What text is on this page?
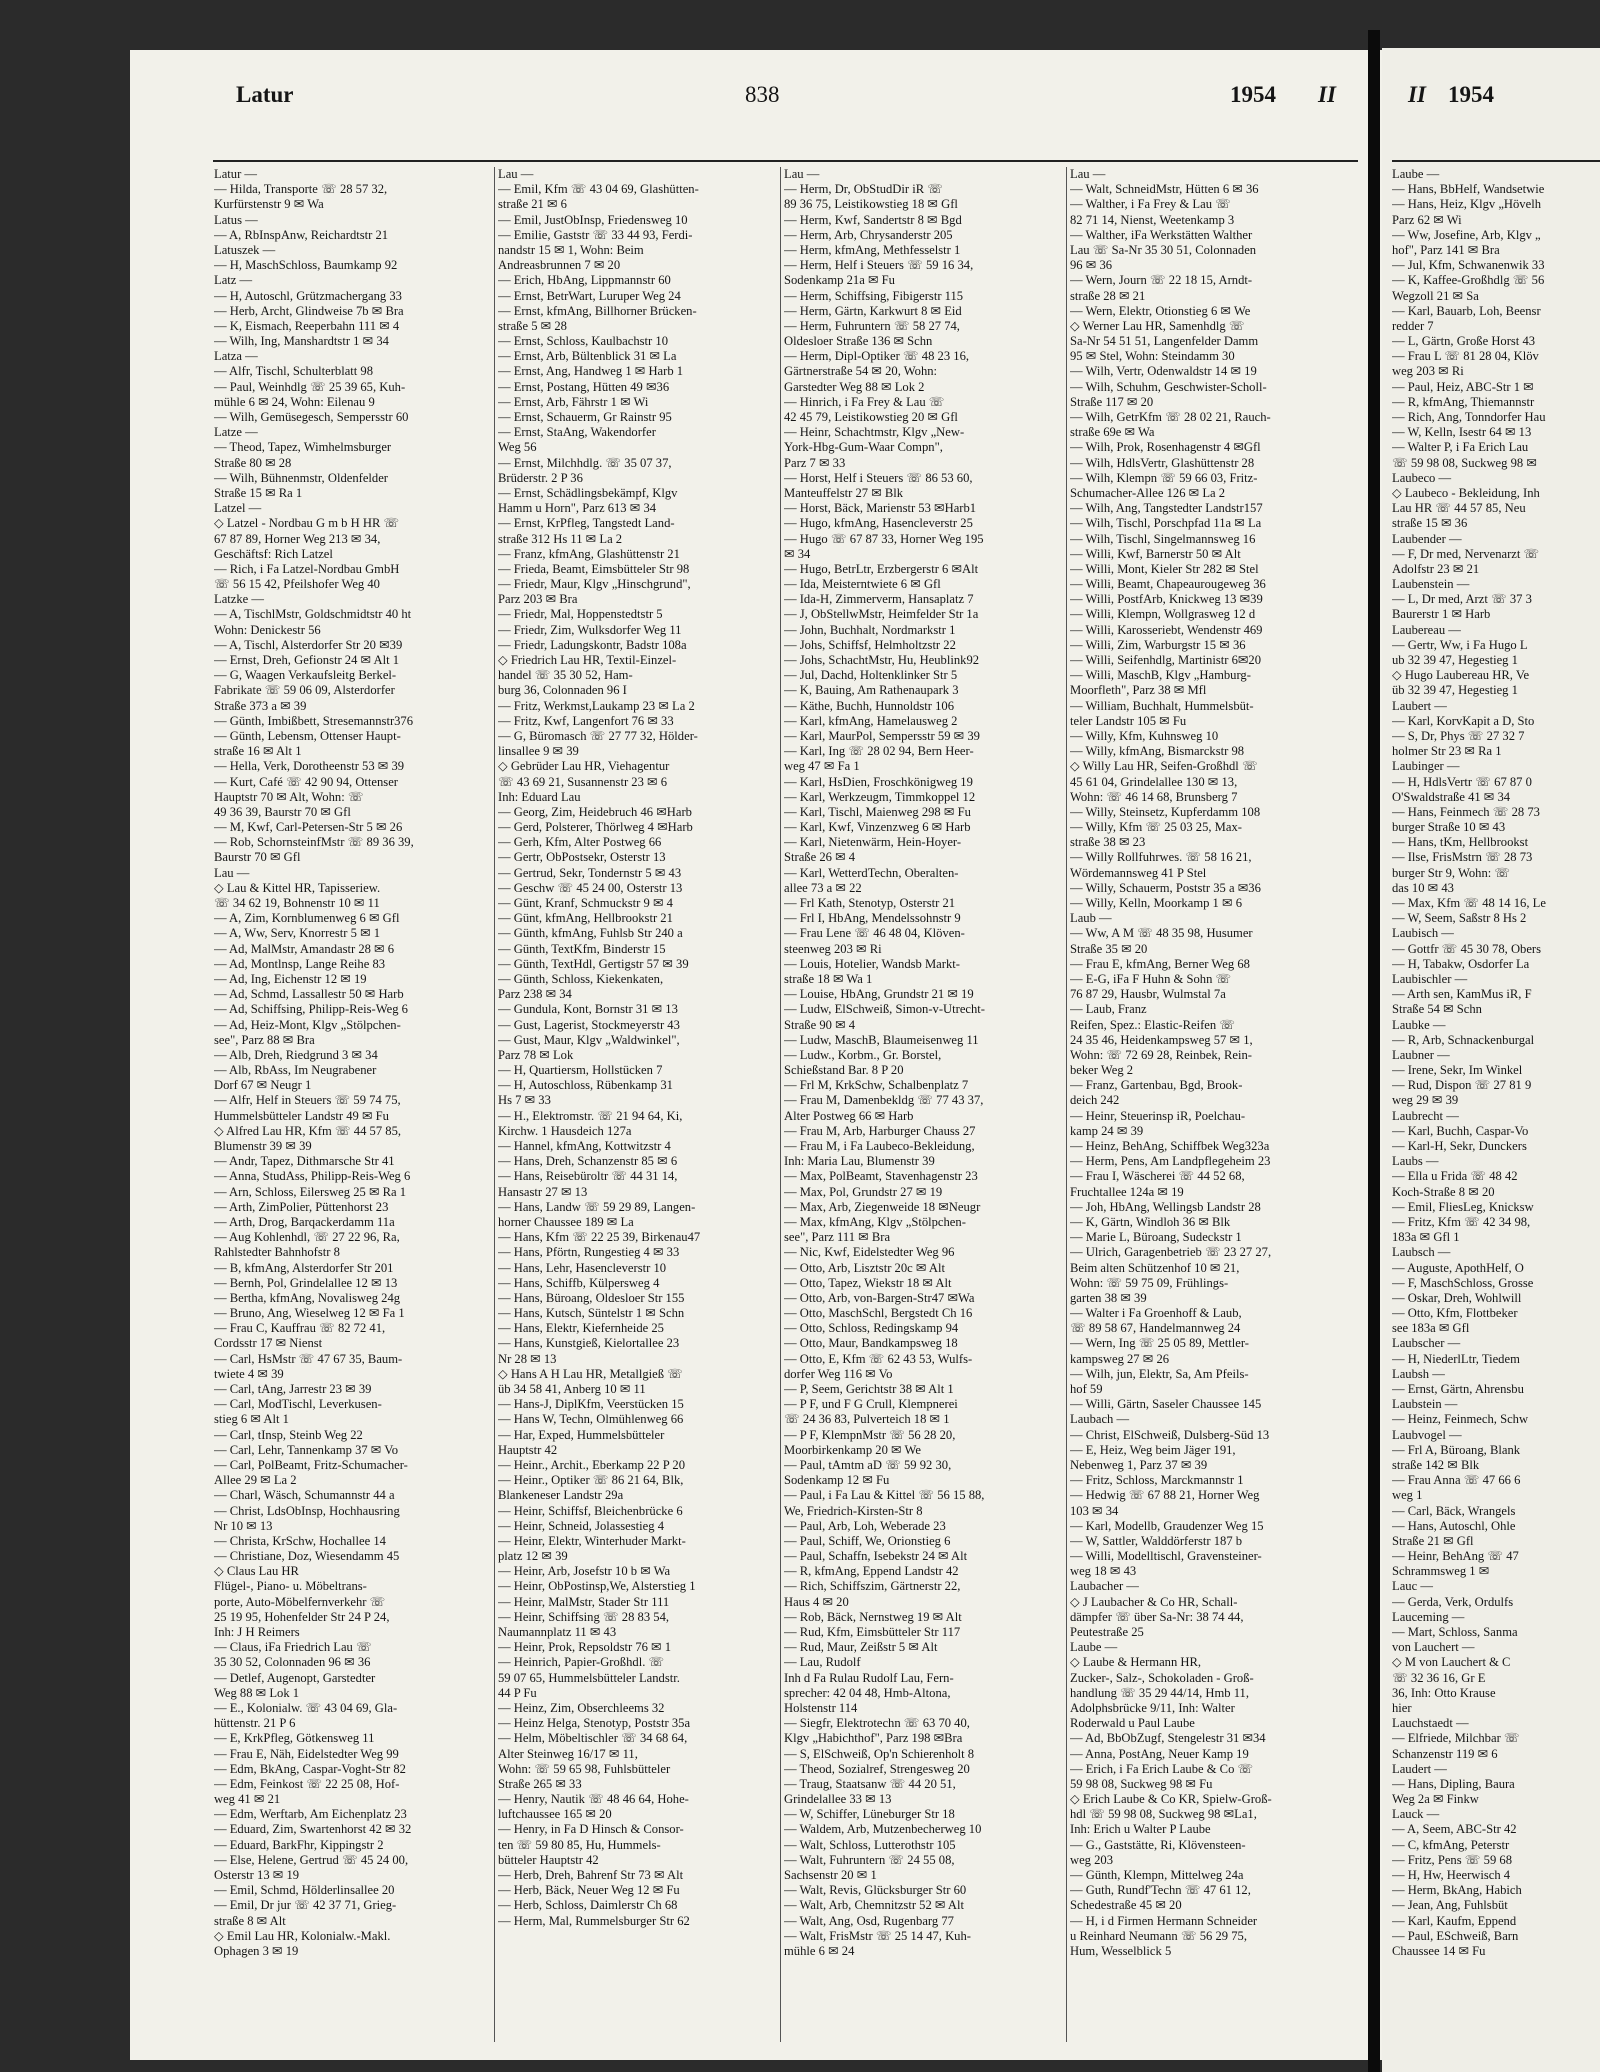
Latur	838	1954 II	II 1954
Latur —
— Hilda, Transporte ☏ 28 57 32,
Kurfürstenstr 9 ✉ Wa
Latus —
— A, RbInspAnw, Reichardtstr 21
Latuszek —
— H, MaschSchloss, Baumkamp 92
Latz —
— H, Autoschl, Grützmachergang 33
— Herb, Archt, Glindweise 7b ✉ Bra
— K, Eismach, Reeperbahn 111 ✉ 4
— Wilh, Ing, Manshardtstr 1 ✉ 34
Latza —
— Alfr, Tischl, Schulterblatt 98
— Paul, Weinhdlg ☏ 25 39 65, Kuh-
mühle 6 ✉ 24, Wohn: Eilenau 9
— Wilh, Gemüsegesch, Sempersstr 60
Latze —
— Theod, Tapez, Wimhelmsburger
Straße 80 ✉ 28
— Wilh, Bühnenmstr, Oldenfelder
Straße 15 ✉ Ra 1
Latzel —
◇ Latzel - Nordbau G m b H HR ☏
67 87 89, Horner Weg 213 ✉ 34,
Geschäftsf: Rich Latzel
— Rich, i Fa Latzel-Nordbau GmbH
☏ 56 15 42, Pfeilshofer Weg 40
Latzke —
— A, TischlMstr, Goldschmidtstr 40 ht
Wohn: Denickestr 56
— A, Tischl, Alsterdorfer Str 20 ✉39
— Ernst, Dreh, Gefionstr 24 ✉ Alt 1
— G, Waagen Verkaufsleitg Berkel-
Fabrikate ☏ 59 06 09, Alsterdorfer
Straße 373 a ✉ 39
— Günth, Imbißbett, Stresemannstr376
— Günth, Lebensm, Ottenser Haupt-
straße 16 ✉ Alt 1
— Hella, Verk, Dorotheenstr 53 ✉ 39
— Kurt, Café ☏ 42 90 94, Ottenser
Hauptstr 70 ✉ Alt, Wohn: ☏
49 36 39, Baurstr 70 ✉ Gfl
— M, Kwf, Carl-Petersen-Str 5 ✉ 26
— Rob, SchornsteinfMstr ☏ 89 36 39,
Baurstr 70 ✉ Gfl
Lau —
◇ Lau & Kittel HR, Tapisseriew.
☏ 34 62 19, Bohnenstr 10 ✉ 11
— A, Zim, Kornblumenweg 6 ✉ Gfl
— A, Ww, Serv, Knorrestr 5 ✉ 1
— Ad, MalMstr, Amandastr 28 ✉ 6
— Ad, Montlnsp, Lange Reihe 83
— Ad, Ing, Eichenstr 12 ✉ 19
— Ad, Schmd, Lassallestr 50 ✉ Harb
— Ad, Schiffsing, Philipp-Reis-Weg 6
— Ad, Heiz-Mont, Klgv „Stölpchen-
see", Parz 88 ✉ Bra
— Alb, Dreh, Riedgrund 3 ✉ 34
— Alb, RbAss, Im Neugrabener
Dorf 67 ✉ Neugr 1
— Alfr, Helf in Steuers ☏ 59 74 75,
Hummelsbütteler Landstr 49 ✉ Fu
◇ Alfred Lau HR, Kfm ☏ 44 57 85,
Blumenstr 39 ✉ 39
— Andr, Tapez, Dithmarsche Str 41
— Anna, StudAss, Philipp-Reis-Weg 6
— Arn, Schloss, Eilersweg 25 ✉ Ra 1
— Arth, ZimPolier, Püttenhorst 23
— Arth, Drog, Barqackerdamm 11a
— Aug Kohlenhdl, ☏ 27 22 96, Ra,
Rahlstedter Bahnhofstr 8
— B, kfmAng, Alsterdorfer Str 201
— Bernh, Pol, Grindelallee 12 ✉ 13
— Bertha, kfmAng, Novalisweg 24g
— Bruno, Ang, Wieselweg 12 ✉ Fa 1
— Frau C, Kauffrau ☏ 82 72 41,
Cordsstr 17 ✉ Nienst
— Carl, HsMstr ☏ 47 67 35, Baum-
twiete 4 ✉ 39
— Carl, tAng, Jarrestr 23 ✉ 39
— Carl, ModTischl, Leverkusen-
stieg 6 ✉ Alt 1
— Carl, tInsp, Steinb Weg 22
— Carl, Lehr, Tannenkamp 37 ✉ Vo
— Carl, PolBeamt, Fritz-Schumacher-
Allee 29 ✉ La 2
— Charl, Wäsch, Schumannstr 44 a
— Christ, LdsObInsp, Hochhausring
Nr 10 ✉ 13
— Christa, KrSchw, Hochallee 14
— Christiane, Doz, Wiesendamm 45
◇ Claus Lau HR
Flügel-, Piano- u. Möbeltrans-
porte, Auto-Möbelfernverkehr ☏
25 19 95, Hohenfelder Str 24 P 24,
Inh: J H Reimers
— Claus, iFa Friedrich Lau ☏
35 30 52, Colonnaden 96 ✉ 36
— Detlef, Augenopt, Garstedter
Weg 88 ✉ Lok 1
— E., Kolonialw. ☏ 43 04 69, Gla-
hüttenstr. 21 P 6
— E, KrkPfleg, Götkensweg 11
— Frau E, Näh, Eidelstedter Weg 99
— Edm, BkAng, Caspar-Voght-Str 82
— Edm, Feinkost ☏ 22 25 08, Hof-
weg 41 ✉ 21
— Edm, Werftarb, Am Eichenplatz 23
— Eduard, Zim, Swartenhorst 42 ✉ 32
— Eduard, BarkFhr, Kippingstr 2
— Else, Helene, Gertrud ☏ 45 24 00,
Osterstr 13 ✉ 19
— Emil, Schmd, Hölderlinsallee 20
— Emil, Dr jur ☏ 42 37 71, Grieg-
straße 8 ✉ Alt
◇ Emil Lau HR, Kolonialw.-Makl.
Ophagen 3 ✉ 19
Lau —
— Emil, Kfm ☏ 43 04 69, Glashütten-
straße 21 ✉ 6
— Emil, JustObInsp, Friedensweg 10
— Emilie, Gaststr ☏ 33 44 93, Ferdi-
nandstr 15 ✉ 1, Wohn: Beim
Andreasbrunnen 7 ✉ 20
— Erich, HbAng, Lippmannstr 60
— Ernst, BetrWart, Luruper Weg 24
— Ernst, kfmAng, Billhorner Brücken-
straße 5 ✉ 28
— Ernst, Schloss, Kaulbachstr 10
— Ernst, Arb, Bültenblick 31 ✉ La
— Ernst, Ang, Handweg 1 ✉ Harb 1
— Ernst, Postang, Hütten 49 ✉36
— Ernst, Arb, Fährstr 1 ✉ Wi
— Ernst, Schauerm, Gr Rainstr 95
— Ernst, StaAng, Wakendorfer
Weg 56
— Ernst, Milchhdlg. ☏ 35 07 37,
Brüderstr. 2 P 36
— Ernst, Schädlingsbekämpf, Klgv
Hamm u Horn", Parz 613 ✉ 34
— Ernst, KrPfleg, Tangstedt Land-
straße 312 Hs 11 ✉ La 2
— Franz, kfmAng, Glashüttenstr 21
— Frieda, Beamt, Eimsbütteler Str 98
— Friedr, Maur, Klgv „Hinschgrund",
Parz 203 ✉ Bra
— Friedr, Mal, Hoppenstedtstr 5
— Friedr, Zim, Wulksdorfer Weg 11
— Friedr, Ladungskontr, Badstr 108a
◇ Friedrich Lau HR, Textil-Einzel-
handel ☏ 35 30 52, Ham-
burg 36, Colonnaden 96 I
— Fritz, Werkmst,Laukamp 23 ✉ La 2
— Fritz, Kwf, Langenfort 76 ✉ 33
— G, Büromasch ☏ 27 77 32, Hölder-
linsallee 9 ✉ 39
◇ Gebrüder Lau HR, Viehagentur
☏ 43 69 21, Susannenstr 23 ✉ 6
Inh: Eduard Lau
— Georg, Zim, Heidebruch 46 ✉Harb
— Gerd, Polsterer, Thörlweg 4 ✉Harb
— Gerh, Kfm, Alter Postweg 66
— Gertr, ObPostsekr, Osterstr 13
— Gertrud, Sekr, Tondernstr 5 ✉ 43
— Geschw ☏ 45 24 00, Osterstr 13
— Günt, Kranf, Schmuckstr 9 ✉ 4
— Günt, kfmAng, Hellbrookstr 21
— Günth, kfmAng, Fuhlsb Str 240 a
— Günth, TextKfm, Binderstr 15
— Günth, TextHdl, Gertigstr 57 ✉ 39
— Günth, Schloss, Kiekenkaten,
Parz 238 ✉ 34
— Gundula, Kont, Bornstr 31 ✉ 13
— Gust, Lagerist, Stockmeyerstr 43
— Gust, Maur, Klgv „Waldwinkel",
Parz 78 ✉ Lok
— H, Quartiersm, Hollstücken 7
— H, Autoschloss, Rübenkamp 31
Hs 7 ✉ 33
— H., Elektromstr. ☏ 21 94 64, Ki,
Kirchw. 1 Hausdeich 127a
— Hannel, kfmAng, Kottwitzstr 4
— Hans, Dreh, Schanzenstr 85 ✉ 6
— Hans, Reisebüroltr ☏ 44 31 14,
Hansastr 27 ✉ 13
— Hans, Landw ☏ 59 29 89, Langen-
horner Chaussee 189 ✉ La
— Hans, Kfm ☏ 22 25 39, Birkenau47
— Hans, Pförtn, Rungestieg 4 ✉ 33
— Hans, Lehr, Hasencleverstr 10
— Hans, Schiffb, Külpersweg 4
— Hans, Büroang, Oldesloer Str 155
— Hans, Kutsch, Süntelstr 1 ✉ Schn
— Hans, Elektr, Kiefernheide 25
— Hans, Kunstgieß, Kielortallee 23
Nr 28 ✉ 13
◇ Hans A H Lau HR, Metallgieß ☏
üb 34 58 41, Anberg 10 ✉ 11
— Hans-J, DiplKfm, Veerstücken 15
— Hans W, Techn, Olmühlenweg 66
— Har, Exped, Hummelsbütteler
Hauptstr 42
— Heinr., Archit., Eberkamp 22 P 20
— Heinr., Optiker ☏ 86 21 64, Blk,
Blankeneser Landstr 29a
— Heinr, Schiffsf, Bleichenbrücke 6
— Heinr, Schneid, Jolassestieg 4
— Heinr, Elektr, Winterhuder Markt-
platz 12 ✉ 39
— Heinr, Arb, Josefstr 10 b ✉ Wa
— Heinr, ObPostinsp,We, Alsterstieg 1
— Heinr, MalMstr, Stader Str 111
— Heinr, Schiffsing ☏ 28 83 54,
Naumannplatz 11 ✉ 43
— Heinr, Prok, Repsoldstr 76 ✉ 1
— Heinrich, Papier-Großhdl. ☏
59 07 65, Hummelsbütteler Landstr.
44 P Fu
— Heinz, Zim, Obserchleems 32
— Heinz Helga, Stenotyp, Poststr 35a
— Helm, Möbeltischler ☏ 34 68 64,
Alter Steinweg 16/17 ✉ 11,
Wohn: ☏ 59 65 98, Fuhlsbütteler
Straße 265 ✉ 33
— Henry, Nautik ☏ 48 46 64, Hohe-
luftchaussee 165 ✉ 20
— Henry, in Fa D Hinsch & Consor-
ten ☏ 59 80 85, Hu, Hummels-
bütteler Hauptstr 42
— Herb, Dreh, Bahrenf Str 73 ✉ Alt
— Herb, Bäck, Neuer Weg 12 ✉ Fu
— Herb, Schloss, Daimlerstr Ch 68
— Herm, Mal, Rummelsburger Str 62
Lau —
— Herm, Dr, ObStudDir iR ☏
89 36 75, Leistikowstieg 18 ✉ Gfl
— Herm, Kwf, Sandertstr 8 ✉ Bgd
— Herm, Arb, Chrysanderstr 205
— Herm, kfmAng, Methfesselstr 1
— Herm, Helf i Steuers ☏ 59 16 34,
Sodenkamp 21a ✉ Fu
— Herm, Schiffsing, Fibigerstr 115
— Herm, Gärtn, Karkwurt 8 ✉ Eid
— Herm, Fuhruntern ☏ 58 27 74,
Oldesloer Straße 136 ✉ Schn
— Herm, Dipl-Optiker ☏ 48 23 16,
Gärtnerstraße 54 ✉ 20, Wohn:
Garstedter Weg 88 ✉ Lok 2
— Hinrich, i Fa Frey & Lau ☏
42 45 79, Leistikowstieg 20 ✉ Gfl
— Heinr, Schachtmstr, Klgv „New-
York-Hbg-Gum-Waar Compn",
Parz 7 ✉ 33
— Horst, Helf i Steuers ☏ 86 53 60,
Manteuffelstr 27 ✉ Blk
— Horst, Bäck, Marienstr 53 ✉Harb1
— Hugo, kfmAng, Hasencleverstr 25
— Hugo ☏ 67 87 33, Horner Weg 195
✉ 34
— Hugo, BetrLtr, Erzbergerstr 6 ✉Alt
— Ida, Meisterntwiete 6 ✉ Gfl
— Ida-H, Zimmerverm, Hansaplatz 7
— J, ObStellwMstr, Heimfelder Str 1a
— John, Buchhalt, Nordmarkstr 1
— Johs, Schiffsf, Helmholtzstr 22
— Johs, SchachtMstr, Hu, Heublink92
— Jul, Dachd, Holtenklinker Str 5
— K, Bauing, Am Rathenaupark 3
— Käthe, Buchh, Hunnoldstr 106
— Karl, kfmAng, Hamelausweg 2
— Karl, MaurPol, Sempersstr 59 ✉ 39
— Karl, Ing ☏ 28 02 94, Bern Heer-
weg 47 ✉ Fa 1
— Karl, HsDien, Froschkönigweg 19
— Karl, Werkzeugm, Timmkoppel 12
— Karl, Tischl, Maienweg 298 ✉ Fu
— Karl, Kwf, Vinzenzweg 6 ✉ Harb
— Karl, Nietenwärm, Hein-Hoyer-
Straße 26 ✉ 4
— Karl, WetterdTechn, Oberalten-
allee 73 a ✉ 22
— Frl Kath, Stenotyp, Osterstr 21
— Frl I, HbAng, Mendelssohnstr 9
— Frau Lene ☏ 46 48 04, Klöven-
steenweg 203 ✉ Ri
— Louis, Hotelier, Wandsb Markt-
straße 18 ✉ Wa 1
— Louise, HbAng, Grundstr 21 ✉ 19
— Ludw, ElSchweiß, Simon-v-Utrecht-
Straße 90 ✉ 4
— Ludw, MaschB, Blaumeisenweg 11
— Ludw., Korbm., Gr. Borstel,
Schießstand Bar. 8 P 20
— Frl M, KrkSchw, Schalbenplatz 7
— Frau M, Damenbekldg ☏ 77 43 37,
Alter Postweg 66 ✉ Harb
— Frau M, Arb, Harburger Chauss 27
— Frau M, i Fa Laubeco-Bekleidung,
Inh: Maria Lau, Blumenstr 39
— Max, PolBeamt, Stavenhagenstr 23
— Max, Pol, Grundstr 27 ✉ 19
— Max, Arb, Ziegenweide 18 ✉Neugr
— Max, kfmAng, Klgv „Stölpchen-
see", Parz 111 ✉ Bra
— Nic, Kwf, Eidelstedter Weg 96
— Otto, Arb, Lisztstr 20c ✉ Alt
— Otto, Tapez, Wiekstr 18 ✉ Alt
— Otto, Arb, von-Bargen-Str47 ✉Wa
— Otto, MaschSchl, Bergstedt Ch 16
— Otto, Schloss, Redingskamp 94
— Otto, Maur, Bandkampsweg 18
— Otto, E, Kfm ☏ 62 43 53, Wulfs-
dorfer Weg 116 ✉ Vo
— P, Seem, Gerichtstr 38 ✉ Alt 1
— P F, und F G Crull, Klempnerei
☏ 24 36 83, Pulverteich 18 ✉ 1
— P F, KlempnMstr ☏ 56 28 20,
Moorbirkenkamp 20 ✉ We
— Paul, tAmtm aD ☏ 59 92 30,
Sodenkamp 12 ✉ Fu
— Paul, i Fa Lau & Kittel ☏ 56 15 88,
We, Friedrich-Kirsten-Str 8
— Paul, Arb, Loh, Weberade 23
— Paul, Schiff, We, Orionstieg 6
— Paul, Schaffn, Isebekstr 24 ✉ Alt
— R, kfmAng, Eppend Landstr 42
— Rich, Schiffszim, Gärtnerstr 22,
Haus 4 ✉ 20
— Rob, Bäck, Nernstweg 19 ✉ Alt
— Rud, Kfm, Eimsbütteler Str 117
— Rud, Maur, Zeißstr 5 ✉ Alt
— Lau, Rudolf
Inh d Fa Rulau Rudolf Lau, Fern-
sprecher: 42 04 48, Hmb-Altona,
Holstenstr 114
— Siegfr, Elektrotechn ☏ 63 70 40,
Klgv „Habichthof", Parz 198 ✉Bra
— S, ElSchweiß, Op'n Schierenholt 8
— Theod, Sozialref, Strengesweg 20
— Traug, Staatsanw ☏ 44 20 51,
Grindelallee 33 ✉ 13
— W, Schiffer, Lüneburger Str 18
— Waldem, Arb, Mutzenbecherweg 10
— Walt, Schloss, Lutterothstr 105
— Walt, Fuhruntern ☏ 24 55 08,
Sachsenstr 20 ✉ 1
— Walt, Revis, Glücksburger Str 60
— Walt, Arb, Chemnitzstr 52 ✉ Alt
— Walt, Ang, Osd, Rugenbarg 77
— Walt, FrisMstr ☏ 25 14 47, Kuh-
mühle 6 ✉ 24
Lau —
— Walt, SchneidMstr, Hütten 6 ✉ 36
— Walther, i Fa Frey & Lau ☏
82 71 14, Nienst, Weetenkamp 3
— Walther, iFa Werkstätten Walther
Lau ☏ Sa-Nr 35 30 51, Colonnaden
96 ✉ 36
— Wern, Journ ☏ 22 18 15, Arndt-
straße 28 ✉ 21
— Wern, Elektr, Otionstieg 6 ✉ We
◇ Werner Lau HR, Samenhdlg ☏
Sa-Nr 54 51 51, Langenfelder Damm
95 ✉ Stel, Wohn: Steindamm 30
— Wilh, Vertr, Odenwaldstr 14 ✉ 19
— Wilh, Schuhm, Geschwister-Scholl-
Straße 117 ✉ 20
— Wilh, GetrKfm ☏ 28 02 21, Rauch-
straße 69e ✉ Wa
— Wilh, Prok, Rosenhagenstr 4 ✉Gfl
— Wilh, HdlsVertr, Glashüttenstr 28
— Wilh, Klempn ☏ 59 66 03, Fritz-
Schumacher-Allee 126 ✉ La 2
— Wilh, Ang, Tangstedter Landstr157
— Wilh, Tischl, Porschpfad 11a ✉ La
— Wilh, Tischl, Singelmannsweg 16
— Willi, Kwf, Barnerstr 50 ✉ Alt
— Willi, Mont, Kieler Str 282 ✉ Stel
— Willi, Beamt, Chapeaurougeweg 36
— Willi, PostfArb, Knickweg 13 ✉39
— Willi, Klempn, Wollgrasweg 12 d
— Willi, Karosseriebt, Wendenstr 469
— Willi, Zim, Warburgstr 15 ✉ 36
— Willi, Seifenhdlg, Martinistr 6✉20
— Willi, MaschB, Klgv „Hamburg-
Moorfleth", Parz 38 ✉ Mfl
— William, Buchhalt, Hummelsbüt-
teler Landstr 105 ✉ Fu
— Willy, Kfm, Kuhnsweg 10
— Willy, kfmAng, Bismarckstr 98
◇ Willy Lau HR, Seifen-Großhdl ☏
45 61 04, Grindelallee 130 ✉ 13,
Wohn: ☏ 46 14 68, Brunsberg 7
— Willy, Steinsetz, Kupferdamm 108
— Willy, Kfm ☏ 25 03 25, Max-
straße 38 ✉ 23
— Willy Rollfuhrwes. ☏ 58 16 21,
Wördemannsweg 41 P Stel
— Willy, Schauerm, Poststr 35 a ✉36
— Willy, Kelln, Moorkamp 1 ✉ 6
Laub —
— Ww, A M ☏ 48 35 98, Husumer
Straße 35 ✉ 20
— Frau E, kfmAng, Berner Weg 68
— E-G, iFa F Huhn & Sohn ☏
76 87 29, Hausbr, Wulmstal 7a
— Laub, Franz
Reifen, Spez.: Elastic-Reifen ☏
24 35 46, Heidenkampsweg 57 ✉ 1,
Wohn: ☏ 72 69 28, Reinbek, Rein-
beker Weg 2
— Franz, Gartenbau, Bgd, Brook-
deich 242
— Heinr, Steuerinsp iR, Poelchau-
kamp 24 ✉ 39
— Heinz, BehAng, Schiffbek Weg323a
— Herm, Pens, Am Landpflegeheim 23
— Frau I, Wäscherei ☏ 44 52 68,
Fruchtallee 124a ✉ 19
— Joh, HbAng, Wellingsb Landstr 28
— K, Gärtn, Windloh 36 ✉ Blk
— Marie L, Büroang, Sudeckstr 1
— Ulrich, Garagenbetrieb ☏ 23 27 27,
Beim alten Schützenhof 10 ✉ 21,
Wohn: ☏ 59 75 09, Frühlings-
garten 38 ✉ 39
— Walter i Fa Groenhoff & Laub,
☏ 89 58 67, Handelmannweg 24
— Wern, Ing ☏ 25 05 89, Mettler-
kampsweg 27 ✉ 26
— Wilh, jun, Elektr, Sa, Am Pfeils-
hof 59
— Willi, Gärtn, Saseler Chaussee 145
Laubach —
— Christ, ElSchweiß, Dulsberg-Süd 13
— E, Heiz, Weg beim Jäger 191,
Nebenweg 1, Parz 37 ✉ 39
— Fritz, Schloss, Marckmannstr 1
— Hedwig ☏ 67 88 21, Horner Weg
103 ✉ 34
— Karl, Modellb, Graudenzer Weg 15
— W, Sattler, Walddörferstr 187 b
— Willi, Modelltischl, Gravensteiner-
weg 18 ✉ 43
Laubacher —
◇ J Laubacher & Co HR, Schall-
dämpfer ☏ über Sa-Nr: 38 74 44,
Peutestraße 25
Laube —
◇ Laube & Hermann HR,
Zucker-, Salz-, Schokoladen - Groß-
handlung ☏ 35 29 44/14, Hmb 11,
Adolphsbrücke 9/11, Inh: Walter
Roderwald u Paul Laube
— Ad, BbObZugf, Stengelestr 31 ✉34
— Anna, PostAng, Neuer Kamp 19
— Erich, i Fa Erich Laube & Co ☏
59 98 08, Suckweg 98 ✉ Fu
◇ Erich Laube & Co KR, Spielw-Groß-
hdl ☏ 59 98 08, Suckweg 98 ✉La1,
Inh: Erich u Walter P Laube
— G., Gaststätte, Ri, Klövensteen-
weg 203
— Günth, Klempn, Mittelweg 24a
— Guth, Rundf'Techn ☏ 47 61 12,
Schedestraße 45 ✉ 20
— H, i d Firmen Hermann Schneider
u Reinhard Neumann ☏ 56 29 75,
Hum, Wesselblick 5
Laube —
— Hans, BbHelf, Wandsetwie
— Hans, Heiz, Klgv „Hövelh
Parz 62 ✉ Wi
— Ww, Josefine, Arb, Klgv „
hof", Parz 141 ✉ Bra
— Jul, Kfm, Schwanenwik 33
— K, Kaffee-Großhdlg ☏ 56
Wegzoll 21 ✉ Sa
— Karl, Bauarb, Loh, Beensr
redder 7
— L, Gärtn, Große Horst 43
— Frau L ☏ 81 28 04, Klöv
weg 203 ✉ Ri
— Paul, Heiz, ABC-Str 1 ✉
— R, kfmAng, Thiemannstr
— Rich, Ang, Tonndorfer Hau
— W, Kelln, Isestr 64 ✉ 13
— Walter P, i Fa Erich Lau
☏ 59 98 08, Suckweg 98 ✉
Laubeco —
◇ Laubeco - Bekleidung, Inh
Lau HR ☏ 44 57 85, Neu
straße 15 ✉ 36
Laubender —
— F, Dr med, Nervenarzt ☏
Adolfstr 23 ✉ 21
Laubenstein —
— L, Dr med, Arzt ☏ 37 3
Baurerstr 1 ✉ Harb
Laubereau —
— Gertr, Ww, i Fa Hugo L
ub 32 39 47, Hegestieg 1
◇ Hugo Laubereau HR, Ve
üb 32 39 47, Hegestieg 1
Laubert —
— Karl, KorvKapit a D, Sto
— S, Dr, Phys ☏ 27 32 7
holmer Str 23 ✉ Ra 1
Laubinger —
— H, HdlsVertr ☏ 67 87 0
O'Swaldstraße 41 ✉ 34
— Hans, Feinmech ☏ 28 73
burger Straße 10 ✉ 43
— Hans, tKm, Hellbrookst
— Ilse, FrisMstrn ☏ 28 73
burger Str 9, Wohn: ☏
das 10 ✉ 43
— Max, Kfm ☏ 48 14 16, Le
— W, Seem, Saßstr 8 Hs 2
Laubisch —
— Gottfr ☏ 45 30 78, Obers
— H, Tabakw, Osdorfer La
Laubischler —
— Arth sen, KamMus iR, F
Straße 54 ✉ Schn
Laubke —
— R, Arb, Schnackenburgal
Laubner —
— Irene, Sekr, Im Winkel
— Rud, Dispon ☏ 27 81 9
weg 29 ✉ 39
Laubrecht —
— Karl, Buchh, Caspar-Vo
— Karl-H, Sekr, Dunckers
Laubs —
— Ella u Frida ☏ 48 42
Koch-Straße 8 ✉ 20
— Emil, FliesLeg, Knicksw
— Fritz, Kfm ☏ 42 34 98,
183a ✉ Gfl 1
Laubsch —
— Auguste, ApothHelf, O
— F, MaschSchloss, Grosse
— Oskar, Dreh, Wohlwill
— Otto, Kfm, Flottbeker
see 183a ✉ Gfl
Laubscher —
— H, NiederlLtr, Tiedem
Laubsh —
— Ernst, Gärtn, Ahrensbu
Laubstein —
— Heinz, Feinmech, Schw
Laubvogel —
— Frl A, Büroang, Blank
straße 142 ✉ Blk
— Frau Anna ☏ 47 66 6
weg 1
— Carl, Bäck, Wrangels
— Hans, Autoschl, Ohle
Straße 21 ✉ Gfl
— Heinr, BehAng ☏ 47
Schrammsweg 1 ✉
Lauc —
— Gerda, Verk, Ordulfs
Lauceming —
— Mart, Schloss, Sanma
von Lauchert —
◇ M von Lauchert & C
☏ 32 36 16, Gr E
36, Inh: Otto Krause
hier
Lauchstaedt —
— Elfriede, Milchbar ☏
Schanzenstr 119 ✉ 6
Laudert —
— Hans, Dipling, Baura
Weg 2a ✉ Finkw
Lauck —
— A, Seem, ABC-Str 42
— C, kfmAng, Peterstr
— Fritz, Pens ☏ 59 68
— H, Hw, Heerwisch 4
— Herm, BkAng, Habich
— Jean, Ang, Fuhlsbüt
— Karl, Kaufm, Eppend
— Paul, ESchweiß, Barn
Chaussee 14 ✉ Fu
